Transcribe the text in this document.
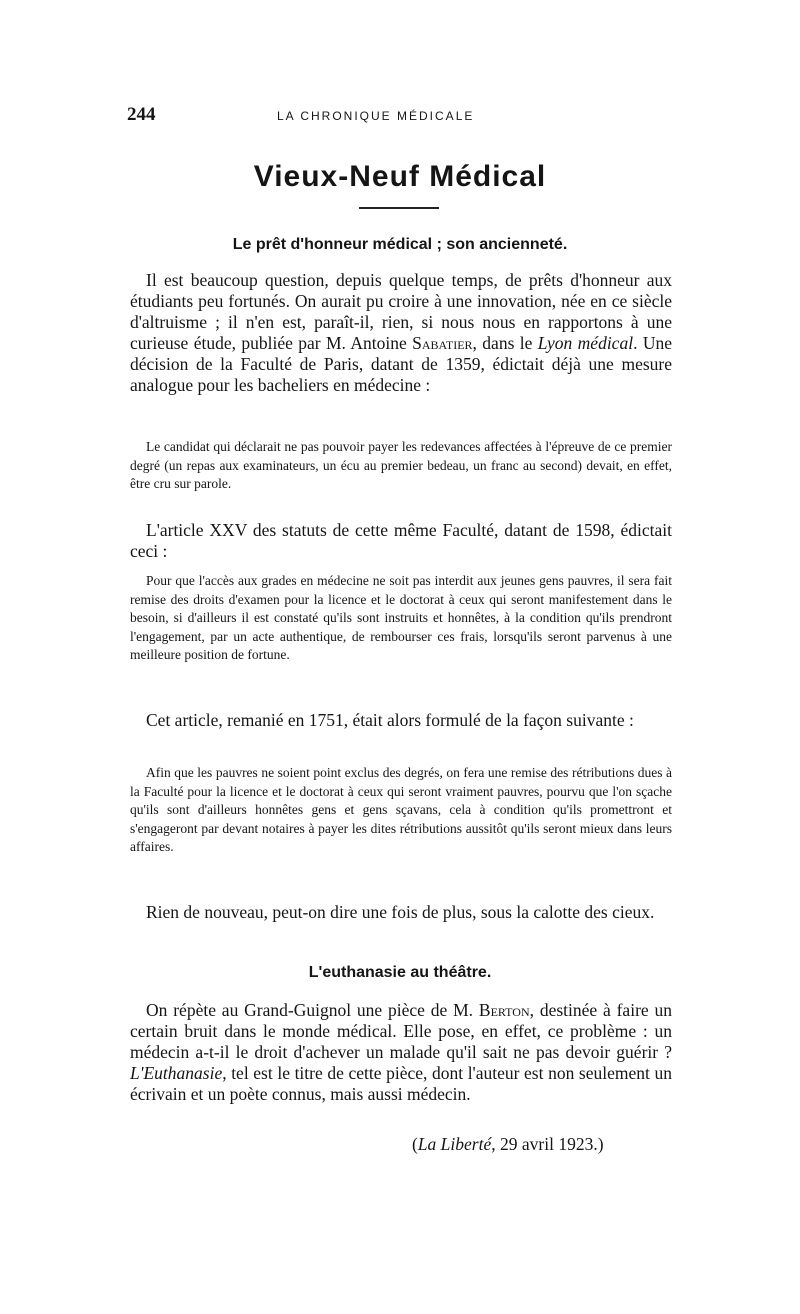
244	LA CHRONIQUE MÉDICALE
Vieux-Neuf Médical
Le prêt d'honneur médical ; son ancienneté.

Il est beaucoup question, depuis quelque temps, de prêts d'honneur aux étudiants peu fortunés. On aurait pu croire à une innovation, née en ce siècle d'altruisme ; il n'en est, paraît-il, rien, si nous nous en rapportons à une curieuse étude, publiée par M. Antoine Sabatier, dans le Lyon médical. Une décision de la Faculté de Paris, datant de 1359, édictait déjà une mesure analogue pour les bacheliers en médecine :

Le candidat qui déclarait ne pas pouvoir payer les redevances affectées à l'épreuve de ce premier degré (un repas aux examinateurs, un écu au premier bedeau, un franc au second) devait, en effet, être cru sur parole.

L'article XXV des statuts de cette même Faculté, datant de 1598, édictait ceci :

Pour que l'accès aux grades en médecine ne soit pas interdit aux jeunes gens pauvres, il sera fait remise des droits d'examen pour la licence et le doctorat à ceux qui seront manifestement dans le besoin, si d'ailleurs il est constaté qu'ils sont instruits et honnêtes, à la condition qu'ils prendront l'engagement, par un acte authentique, de rembourser ces frais, lorsqu'ils seront parvenus à une meilleure position de fortune.

Cet article, remanié en 1751, était alors formulé de la façon suivante :

Afin que les pauvres ne soient point exclus des degrés, on fera une remise des rétributions dues à la Faculté pour la licence et le doctorat à ceux qui seront vraiment pauvres, pourvu que l'on sçache qu'ils sont d'ailleurs honnêtes gens et gens sçavans, cela à condition qu'ils promettront et s'engageront par devant notaires à payer les dites rétributions aussitôt qu'ils seront mieux dans leurs affaires.

Rien de nouveau, peut-on dire une fois de plus, sous la calotte des cieux.

L'euthanasie au théâtre.

On répète au Grand-Guignol une pièce de M. Berton, destinée à faire un certain bruit dans le monde médical. Elle pose, en effet, ce problème : un médecin a-t-il le droit d'achever un malade qu'il sait ne pas devoir guérir ? L'Euthanasie, tel est le titre de cette pièce, dont l'auteur est non seulement un écrivain et un poète connus, mais aussi médecin.

(La Liberté, 29 avril 1923.)
